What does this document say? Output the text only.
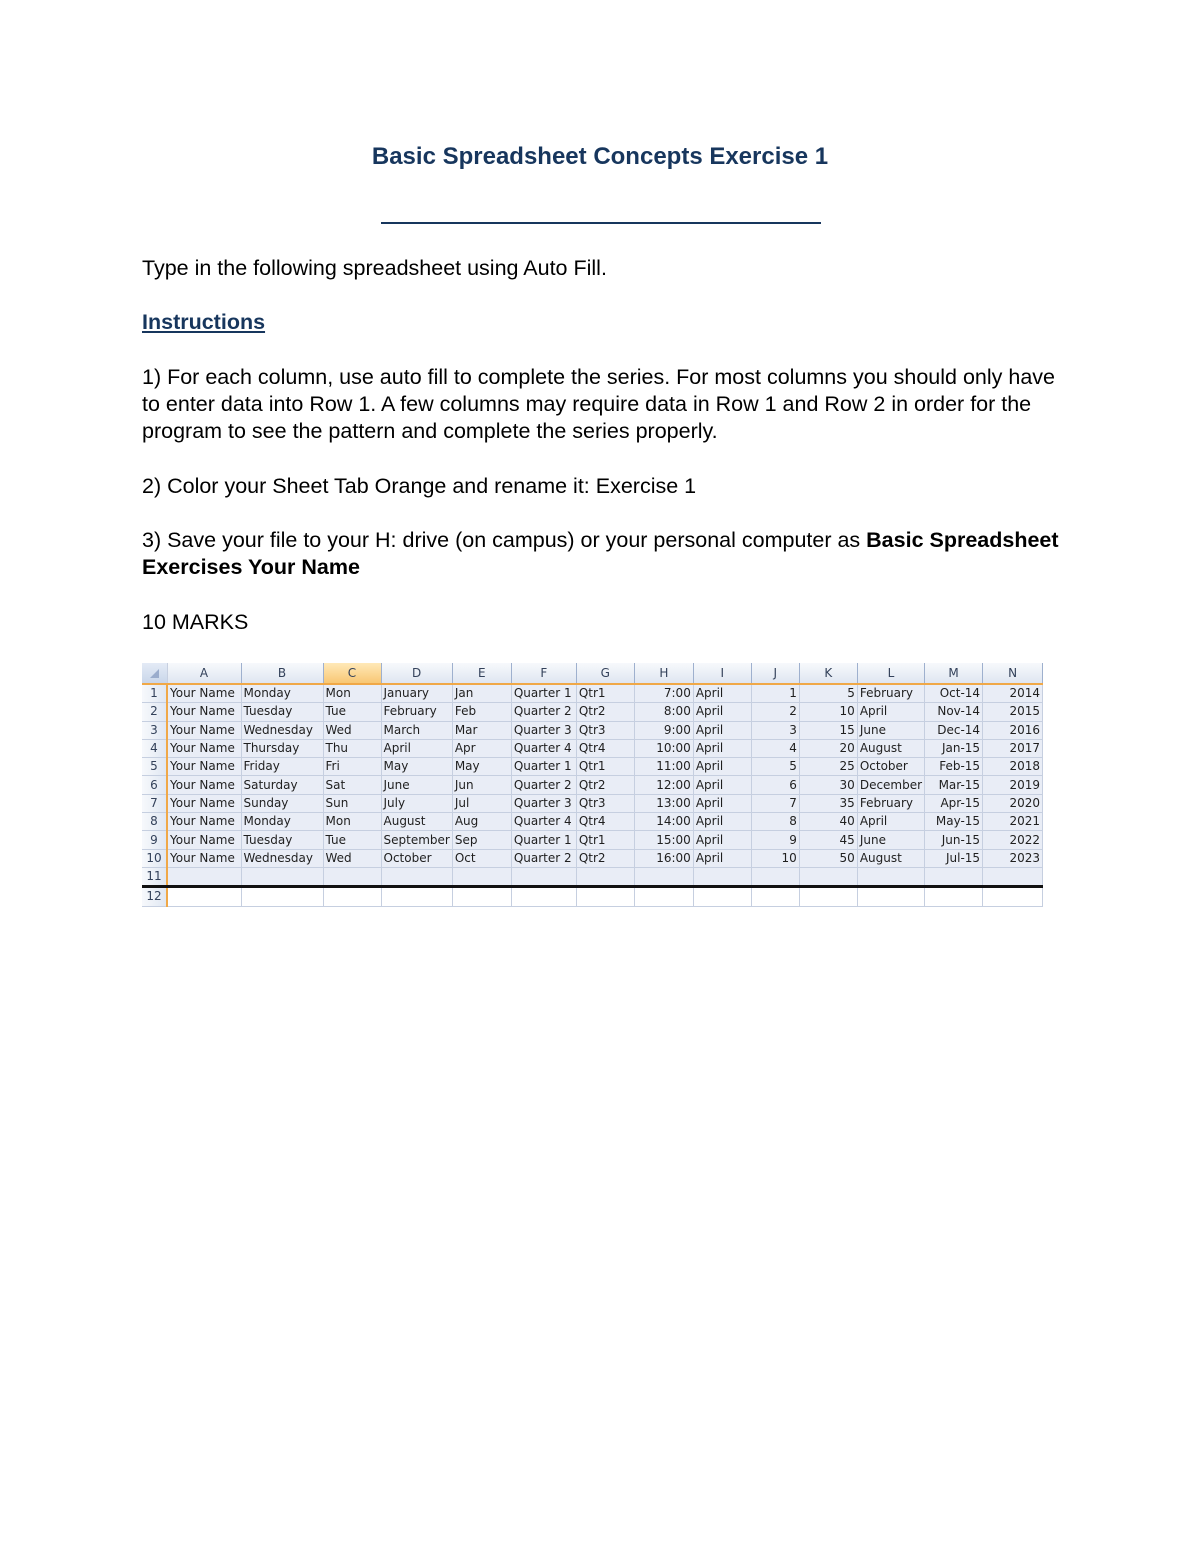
Basic Spreadsheet Concepts Exercise 1
Type in the following spreadsheet using Auto Fill.
Instructions
1) For each column, use auto fill to complete the series. For most columns you should only have to enter data into Row 1. A few columns may require data in Row 1 and Row 2 in order for the program to see the pattern and complete the series properly.
2) Color your Sheet Tab Orange and rename it: Exercise 1
3) Save your file to your H: drive (on campus) or your personal computer as Basic Spreadsheet Exercises Your Name
10 MARKS
	A	B	C	D	E	F	G	H	I	J	K	L	M	N
1	Your Name	Monday	Mon	January	Jan	Quarter 1	Qtr1	7:00	April	1	5	February	Oct-14	2014
2	Your Name	Tuesday	Tue	February	Feb	Quarter 2	Qtr2	8:00	April	2	10	April	Nov-14	2015
3	Your Name	Wednesday	Wed	March	Mar	Quarter 3	Qtr3	9:00	April	3	15	June	Dec-14	2016
4	Your Name	Thursday	Thu	April	Apr	Quarter 4	Qtr4	10:00	April	4	20	August	Jan-15	2017
5	Your Name	Friday	Fri	May	May	Quarter 1	Qtr1	11:00	April	5	25	October	Feb-15	2018
6	Your Name	Saturday	Sat	June	Jun	Quarter 2	Qtr2	12:00	April	6	30	December	Mar-15	2019
7	Your Name	Sunday	Sun	July	Jul	Quarter 3	Qtr3	13:00	April	7	35	February	Apr-15	2020
8	Your Name	Monday	Mon	August	Aug	Quarter 4	Qtr4	14:00	April	8	40	April	May-15	2021
9	Your Name	Tuesday	Tue	September	Sep	Quarter 1	Qtr1	15:00	April	9	45	June	Jun-15	2022
10	Your Name	Wednesday	Wed	October	Oct	Quarter 2	Qtr2	16:00	April	10	50	August	Jul-15	2023
11														
12														
